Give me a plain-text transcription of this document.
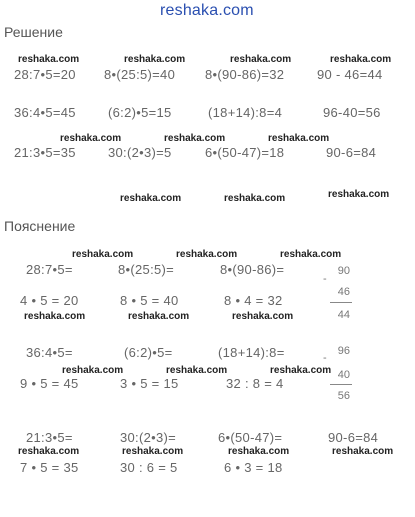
reshaka.com
Решение
reshaka.com	reshaka.com	reshaka.com	reshaka.com
28:7•5=20 8•(25:5)=40 8•(90-86)=32	90 - 46=44
36:4•5=45 (6:2)•5=15	(18+14):8=4	96-40=56
reshaka.com	reshaka.com	reshaka.com
21:3•5=35 30:(2•3)=5	6•(50-47)=18	90-6=84
reshaka.com	reshaka.com	reshaka.com
Пояснение
reshaka.com	reshaka.com	reshaka.com
28:7•5=	8•(25:5)=	8•(90-86)=
-
90
46
44
4 • 5 = 20	8 • 5 = 40	8 • 4 = 32
reshaka.com	reshaka.com	reshaka.com
36:4•5=	(6:2)•5=	(18+14):8=	-
96
40
56
reshaka.com	reshaka.com	reshaka.com
9 • 5 = 45	3 • 5 = 15	32 : 8 = 4
21:3•5=	30:(2•3)=	6•(50-47)=	90-6=84
reshaka.com	reshaka.com	reshaka.com	reshaka.com
7 • 5 = 35	30 : 6 = 5	6 • 3 = 18
